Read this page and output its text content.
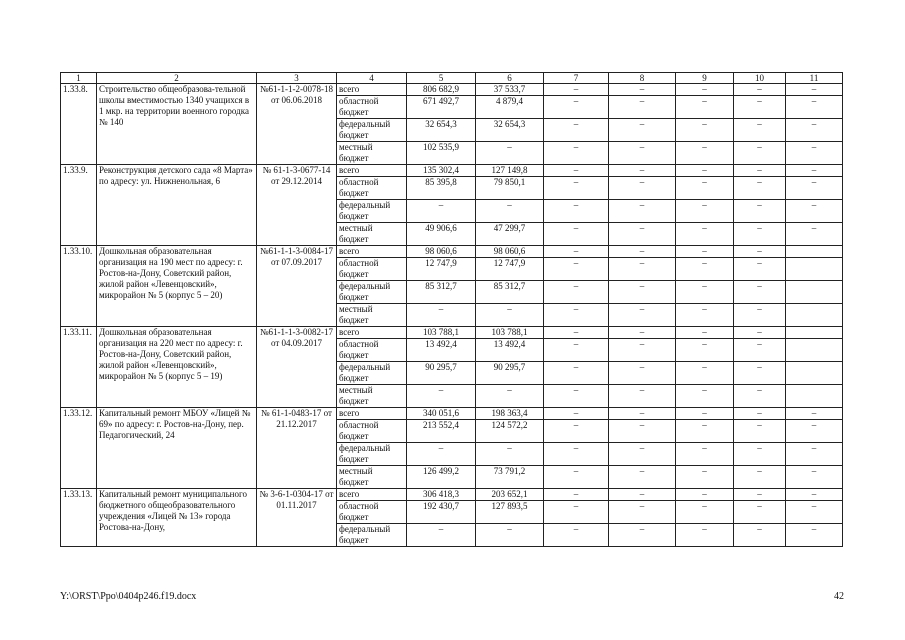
1	2	3	4	5	6	7	8	9	10	11
1.33.8.	Строительство общеобразова-тельной школы вместимостью 1340 учащихся в 1 мкр. на территории военного городка № 140	№61-1-1-2-0078-18 от 06.06.2018	всего	806 682,9	37 533,7	–	–	–	–	–
			областной бюджет	671 492,7	4 879,4	–	–	–	–	–
			федеральный бюджет	32 654,3	32 654,3	–	–	–	–	–
			местный бюджет	102 535,9	–	–	–	–	–	–
1.33.9.	Реконструкция детского сада «8 Марта» по адресу: ул. Нижненольная, 6	№ 61-1-3-0677-14 от 29.12.2014	всего	135 302,4	127 149,8	–	–	–	–	–
			областной бюджет	85 395,8	79 850,1	–	–	–	–	–
			федеральный бюджет	–	–	–	–	–	–	–
			местный бюджет	49 906,6	47 299,7	–	–	–	–	–
1.33.10.	Дошкольная образовательная организация на 190 мест по адресу: г. Ростов-на-Дону, Советский район, жилой район «Левенцовский», микрорайон № 5 (корпус 5 – 20)	№61-1-1-3-0084-17 от 07.09.2017	всего	98 060,6	98 060,6	–	–	–	–	
			областной бюджет	12 747,9	12 747,9	–	–	–	–	
			федеральный бюджет	85 312,7	85 312,7	–	–	–	–	
			местный бюджет	–	–	–	–	–	–	
1.33.11.	Дошкольная образовательная организация на 220 мест по адресу: г. Ростов-на-Дону, Советский район, жилой район «Левенцовский», микрорайон № 5 (корпус 5 – 19)	№61-1-1-3-0082-17 от 04.09.2017	всего	103 788,1	103 788,1	–	–	–	–	
			областной бюджет	13 492,4	13 492,4	–	–	–	–	
			федеральный бюджет	90 295,7	90 295,7	–	–	–	–	
			местный бюджет	–	–	–	–	–	–	
1.33.12.	Капитальный ремонт МБОУ «Лицей № 69» по адресу: г. Ростов-на-Дону, пер. Педагогический, 24	№ 61-1-0483-17 от 21.12.2017	всего	340 051,6	198 363,4	–	–	–	–	–
			областной бюджет	213 552,4	124 572,2	–	–	–	–	–
			федеральный бюджет	–	–	–	–	–	–	–
			местный бюджет	126 499,2	73 791,2	–	–	–	–	–
1.33.13.	Капитальный ремонт муниципального бюджетного общеобразовательного учреждения «Лицей № 13» города Ростова-на-Дону,	№ 3-6-1-0304-17 от 01.11.2017	всего	306 418,3	203 652,1	–	–	–	–	–
			областной бюджет	192 430,7	127 893,5	–	–	–	–	–
			федеральный бюджет	–	–	–	–	–	–	–
Y:\ORST\Ppo\0404p246.f19.docx	42
